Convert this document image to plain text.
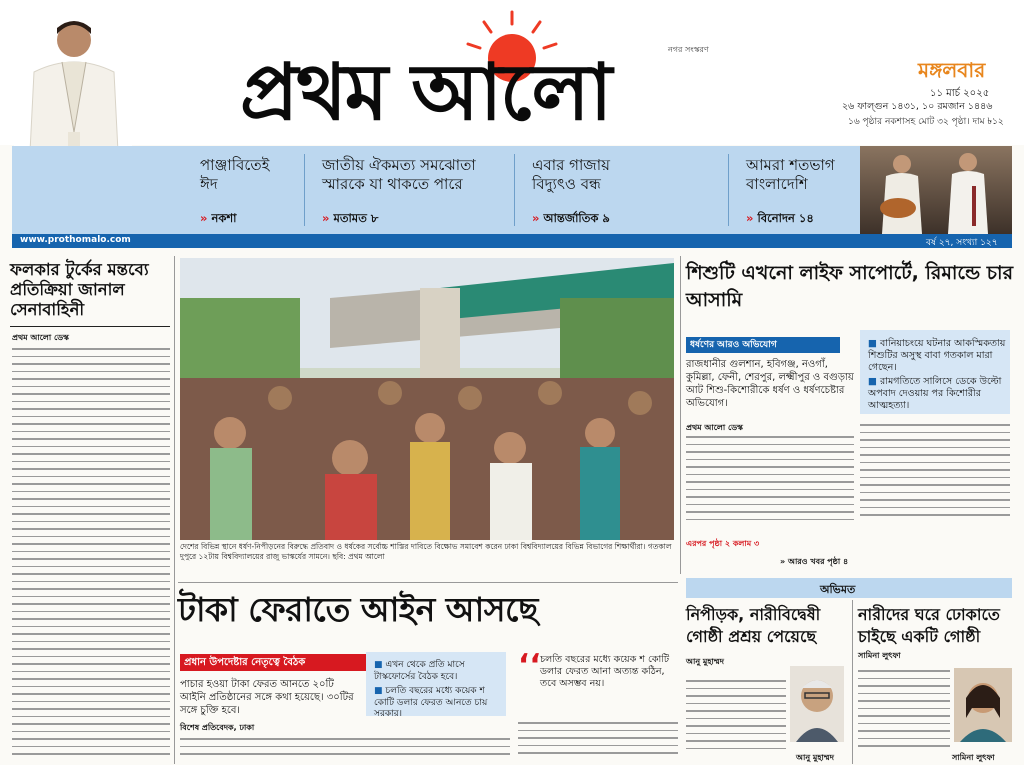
প্রথম আলো	নগর সংস্করণ
মঙ্গলবার
১১ মার্চ ২০২৫
২৬ ফাল্গুন ১৪৩১, ১০ রমজান ১৪৪৬
১৬ পৃষ্ঠার নকশাসহ মোট ৩২ পৃষ্ঠা। দাম ৳১২
পাঞ্জাবিতেই ঈদ
» নকশা
জাতীয় ঐকমত্য সমঝোতা স্মারকে যা থাকতে পারে
» মতামত ৮
এবার গাজায় বিদ্যুৎও বন্ধ
» আন্তর্জাতিক ৯
আমরা শতভাগ বাংলাদেশি
» বিনোদন ১৪
www.prothomalo.com	বর্ষ ২৭, সংখ্যা ১২৭
ফলকার টুর্কের মন্তব্যে প্রতিক্রিয়া জানাল সেনাবাহিনী
প্রথম আলো ডেস্ক
দেশের বিভিন্ন স্থানে ধর্ষণ-নিপীড়নের বিরুদ্ধে প্রতিবাদ ও ধর্ষকের সর্বোচ্চ শাস্তির দাবিতে বিক্ষোভ সমাবেশ করেন ঢাকা বিশ্ববিদ্যালয়ের বিভিন্ন বিভাগের শিক্ষার্থীরা। গতকাল দুপুরে ১২টায় বিশ্ববিদ্যালয়ের রাজু ভাস্কর্যের সামনে। ছবি: প্রথম আলো
শিশুটি এখনো লাইফ সাপোর্টে, রিমান্ডে চার আসামি
ধর্ষণের আরও অভিযোগ
রাজধানীর গুলশান, হবিগঞ্জ, নওগাঁ, কুমিল্লা, ফেনী, শেরপুর, লক্ষ্মীপুর ও বগুড়ায় আট শিশু-কিশোরীকে ধর্ষণ ও ধর্ষণচেষ্টার অভিযোগ।
■ বানিয়াচংয়ে ঘটনার আকস্মিকতায় শিশুটির অসুস্থ বাবা গতকাল মারা গেছেন।
■ রামগতিতে সালিসে ডেকে উল্টো অপবাদ দেওয়ায় পর কিশোরীর আত্মহত্যা।
প্রথম আলো ডেস্ক
এরপর পৃষ্ঠা ২ কলাম ৩
» আরও খবর পৃষ্ঠা ৪
অভিমত
নিপীড়ক, নারীবিদ্বেষী গোষ্ঠী প্রশ্রয় পেয়েছে
নারীদের ঘরে ঢোকাতে চাইছে একটি গোষ্ঠী
আনু মুহাম্মদ
সামিনা লুৎফা
আনু মুহাম্মদ	সামিনা লুৎফা
টাকা ফেরাতে আইন আসছে
প্রধান উপদেষ্টার নেতৃত্বে বৈঠক
পাচার হওয়া টাকা ফেরত আনতে ২০টি আইনি প্রতিষ্ঠানের সঙ্গে কথা হয়েছে। ৩০টির সঙ্গে চুক্তি হবে।
■ এখন থেকে প্রতি মাসে টাস্কফোর্সের বৈঠক হবে।
■ চলতি বছরের মধ্যে কয়েক শ কোটি ডলার ফেরত আনতে চায় সরকার।
‘‘ চলতি বছরের মধ্যে কয়েক শ কোটি ডলার ফেরত আনা অত্যন্ত কঠিন, তবে অসম্ভব নয়।
বিশেষ প্রতিবেদক, ঢাকা
